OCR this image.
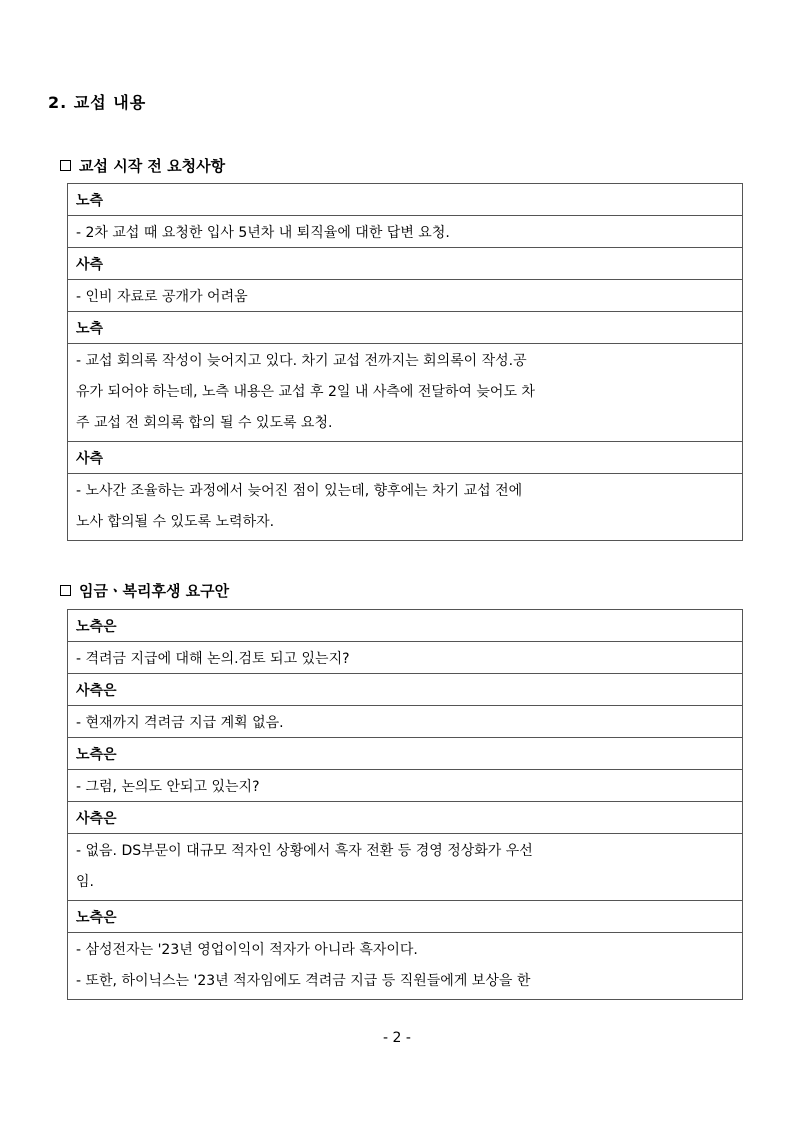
2. 교섭 내용
교섭 시작 전 요청사항
노측

- 2차 교섭 때 요청한 입사 5년차 내 퇴직율에 대한 답변 요청.

사측

- 인비 자료로 공개가 어려움

노측

- 교섭 회의록 작성이 늦어지고 있다. 차기 교섭 전까지는 회의록이 작성.공
유가 되어야 하는데, 노측 내용은 교섭 후 2일 내 사측에 전달하여 늦어도 차
주 교섭 전 회의록 합의 될 수 있도록 요청.

사측

- 노사간 조율하는 과정에서 늦어진 점이 있는데, 향후에는 차기 교섭 전에
노사 합의될 수 있도록 노력하자.
임금ㆍ복리후생 요구안
노측은

- 격려금 지급에 대해 논의.검토 되고 있는지?

사측은

- 현재까지 격려금 지급 계획 없음.

노측은

- 그럼, 논의도 안되고 있는지?

사측은

- 없음. DS부문이 대규모 적자인 상황에서 흑자 전환 등 경영 정상화가 우선
임.

노측은

- 삼성전자는 '23년 영업이익이 적자가 아니라 흑자이다.
- 또한, 하이닉스는 '23년 적자임에도 격려금 지급 등 직원들에게 보상을 한
- 2 -
